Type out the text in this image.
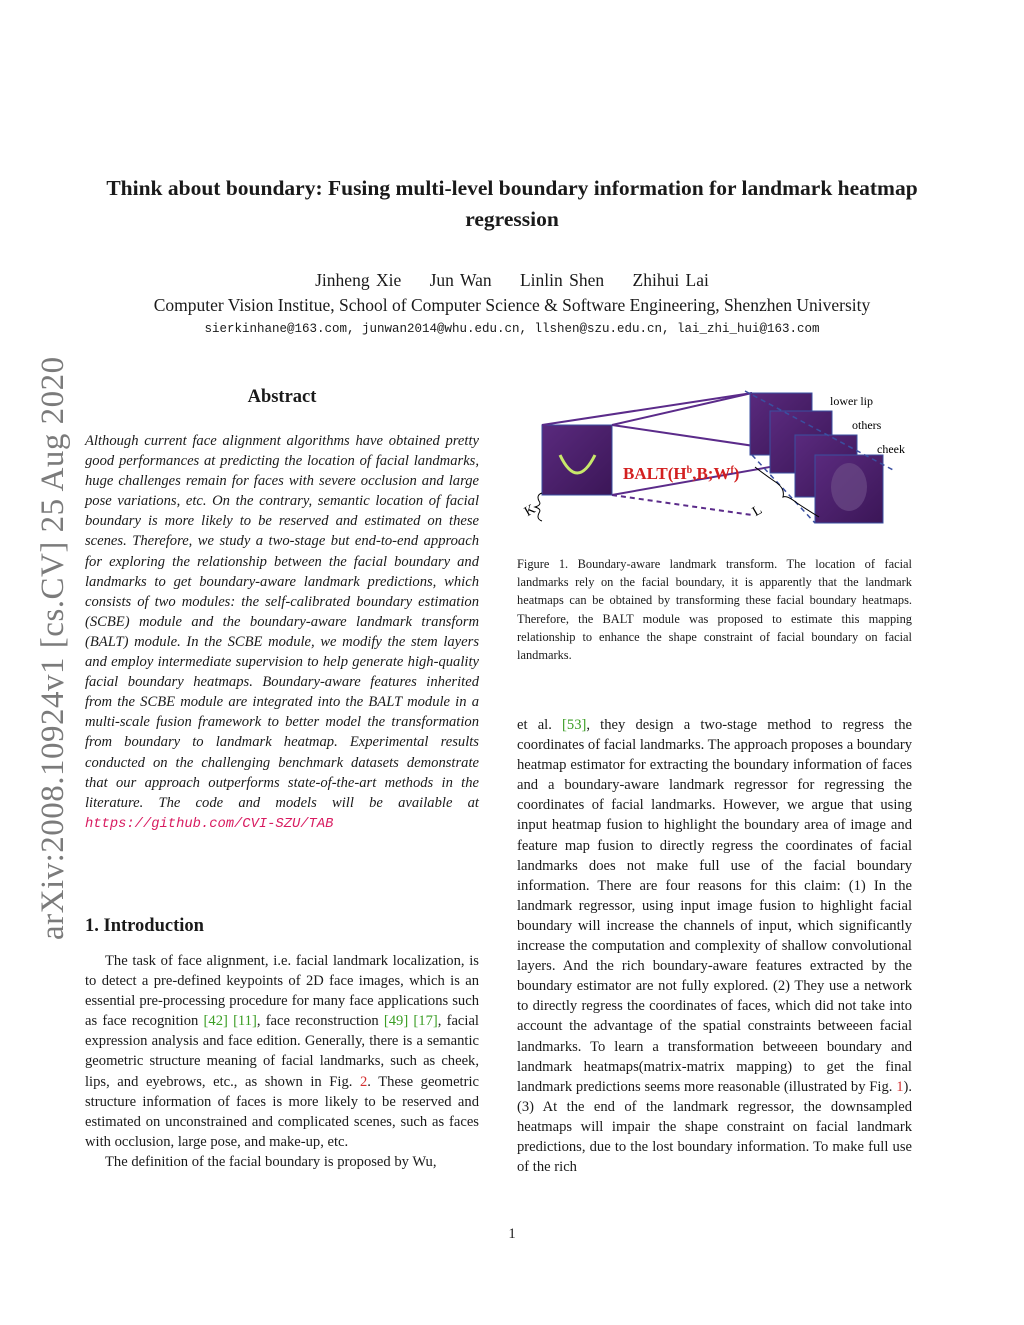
arXiv:2008.10924v1 [cs.CV] 25 Aug 2020
Think about boundary: Fusing multi-level boundary information for landmark heatmap regression
Jinheng Xie Jun Wan Linlin Shen Zhihui Lai
Computer Vision Institue, School of Computer Science & Software Engineering, Shenzhen University
sierkinhane@163.com, junwan2014@whu.edu.cn, llshen@szu.edu.cn, lai_zhi_hui@163.com
Abstract
Although current face alignment algorithms have obtained pretty good performances at predicting the location of facial landmarks, huge challenges remain for faces with severe occlusion and large pose variations, etc. On the contrary, semantic location of facial boundary is more likely to be reserved and estimated on these scenes. Therefore, we study a two-stage but end-to-end approach for exploring the relationship between the facial boundary and landmarks to get boundary-aware landmark predictions, which consists of two modules: the self-calibrated boundary estimation (SCBE) module and the boundary-aware landmark transform (BALT) module. In the SCBE module, we modify the stem layers and employ intermediate supervision to help generate high-quality facial boundary heatmaps. Boundary-aware features inherited from the SCBE module are integrated into the BALT module in a multi-scale fusion framework to better model the transformation from boundary to landmark heatmap. Experimental results conducted on the challenging benchmark datasets demonstrate that our approach outperforms state-of-the-art methods in the literature. The code and models will be available at https://github.com/CVI-SZU/TAB
1. Introduction

The task of face alignment, i.e. facial landmark localization, is to detect a pre-defined keypoints of 2D face images, which is an essential pre-processing procedure for many face applications such as face recognition [42] [11], face reconstruction [49] [17], facial expression analysis and face edition. Generally, there is a semantic geometric structure meaning of facial landmarks, such as cheek, lips, and eyebrows, etc., as shown in Fig. 2. These geometric structure information of faces is more likely to be reserved and estimated on unconstrained and complicated scenes, such as faces with occlusion, large pose, and make-up, etc.

The definition of the facial boundary is proposed by Wu,

lower lip
others
cheek
$BALT(H^b,B;W^f)$
K	L
Figure 1. Boundary-aware landmark transform. The location of facial landmarks rely on the facial boundary, it is apparently that the landmark heatmaps can be obtained by transforming these facial boundary heatmaps. Therefore, the BALT module was proposed to estimate this mapping relationship to enhance the shape constraint of facial boundary on facial landmarks.

et al. [53], they design a two-stage method to regress the coordinates of facial landmarks. The approach proposes a boundary heatmap estimator for extracting the boundary information of faces and a boundary-aware landmark regressor for regressing the coordinates of facial landmarks. However, we argue that using input heatmap fusion to highlight the boundary area of image and feature map fusion to directly regress the coordinates of facial landmarks does not make full use of the facial boundary information. There are four reasons for this claim: (1) In the landmark regressor, using input image fusion to highlight facial boundary will increase the channels of input, which significantly increase the computation and complexity of shallow convolutional layers. And the rich boundary-aware features extracted by the boundary estimator are not fully explored. (2) They use a network to directly regress the coordinates of faces, which did not take into account the advantage of the spatial constraints betweeen facial landmarks. To learn a transformation betweeen boundary and landmark heatmaps(matrix-matrix mapping) to get the final landmark predictions seems more reasonable (illustrated by Fig. 1). (3) At the end of the landmark regressor, the downsampled heatmaps will impair the shape constraint on facial landmark predictions, due to the lost boundary information. To make full use of the rich

1
